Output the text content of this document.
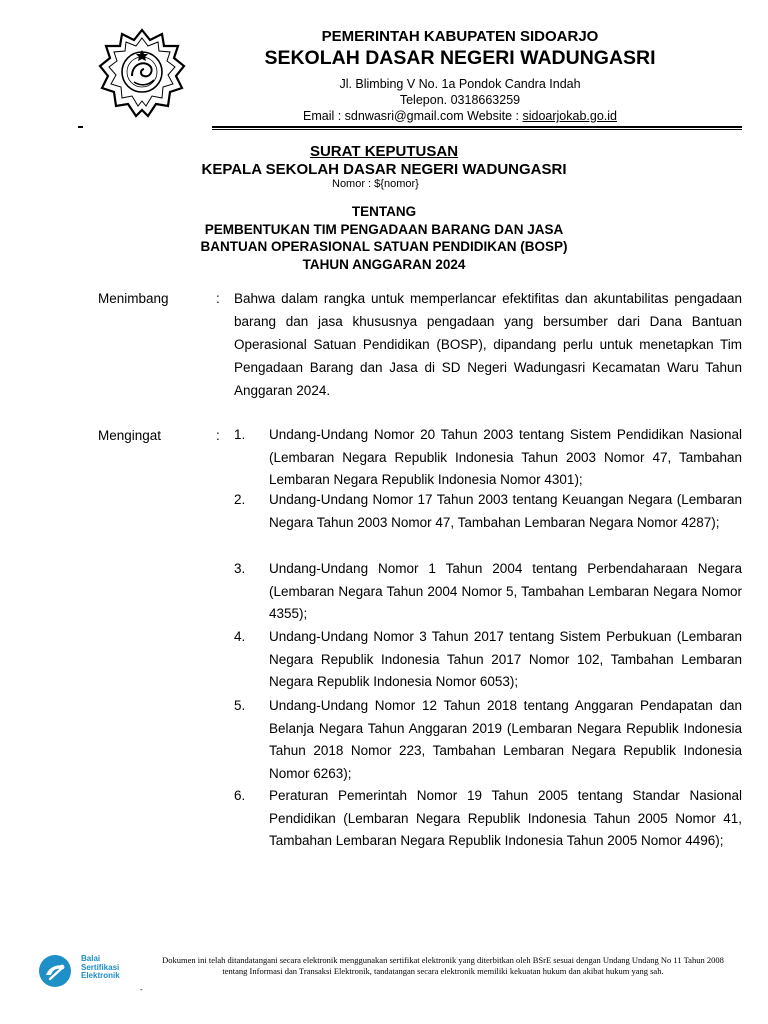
PEMERINTAH KABUPATEN SIDOARJO
SEKOLAH DASAR NEGERI WADUNGASRI
Jl. Blimbing V No. 1a Pondok Candra Indah
Telepon. 0318663259
Email : sdnwasri@gmail.com Website : sidoarjokab.go.id
SURAT KEPUTUSAN
KEPALA SEKOLAH DASAR NEGERI WADUNGASRI
Nomor : ${nomor}
TENTANG
PEMBENTUKAN TIM PENGADAAN BARANG DAN JASA
BANTUAN OPERASIONAL SATUAN PENDIDIKAN (BOSP)
TAHUN ANGGARAN 2024
Menimbang	: Bahwa dalam rangka untuk memperlancar efektifitas dan akuntabilitas pengadaan barang dan jasa khususnya pengadaan yang bersumber dari Dana Bantuan Operasional Satuan Pendidikan (BOSP), dipandang perlu untuk menetapkan Tim Pengadaan Barang dan Jasa di SD Negeri Wadungasri Kecamatan Waru Tahun Anggaran 2024.
Mengingat	: 1.	Undang-Undang Nomor 20 Tahun 2003 tentang Sistem Pendidikan Nasional (Lembaran Negara Republik Indonesia Tahun 2003 Nomor 47, Tambahan Lembaran Negara Republik Indonesia Nomor 4301);
2.	Undang-Undang Nomor 17 Tahun 2003 tentang Keuangan Negara (Lembaran Negara Tahun 2003 Nomor 47, Tambahan Lembaran Negara Nomor 4287);
3.	Undang-Undang Nomor 1 Tahun 2004 tentang Perbendaharaan Negara (Lembaran Negara Tahun 2004 Nomor 5, Tambahan Lembaran Negara Nomor 4355);
4.	Undang-Undang Nomor 3 Tahun 2017 tentang Sistem Perbukuan (Lembaran Negara Republik Indonesia Tahun 2017 Nomor 102, Tambahan Lembaran Negara Republik Indonesia Nomor 6053);
5.	Undang-Undang Nomor 12 Tahun 2018 tentang Anggaran Pendapatan dan Belanja Negara Tahun Anggaran 2019 (Lembaran Negara Republik Indonesia Tahun 2018 Nomor 223, Tambahan Lembaran Negara Republik Indonesia Nomor 6263);
6.	Peraturan Pemerintah Nomor 19 Tahun 2005 tentang Standar Nasional Pendidikan (Lembaran Negara Republik Indonesia Tahun 2005 Nomor 41, Tambahan Lembaran Negara Republik Indonesia Tahun 2005 Nomor 4496);
Balai
Sertifikasi
Elektronik
Dokumen ini telah ditandatangani secara elektronik menggunakan sertifikat elektronik yang diterbitkan oleh BSrE sesuai dengan Undang Undang No 11 Tahun 2008 tentang Informasi dan Transaksi Elektronik, tandatangan secara elektronik memiliki kekuatan hukum dan akibat hukum yang sah.
-
